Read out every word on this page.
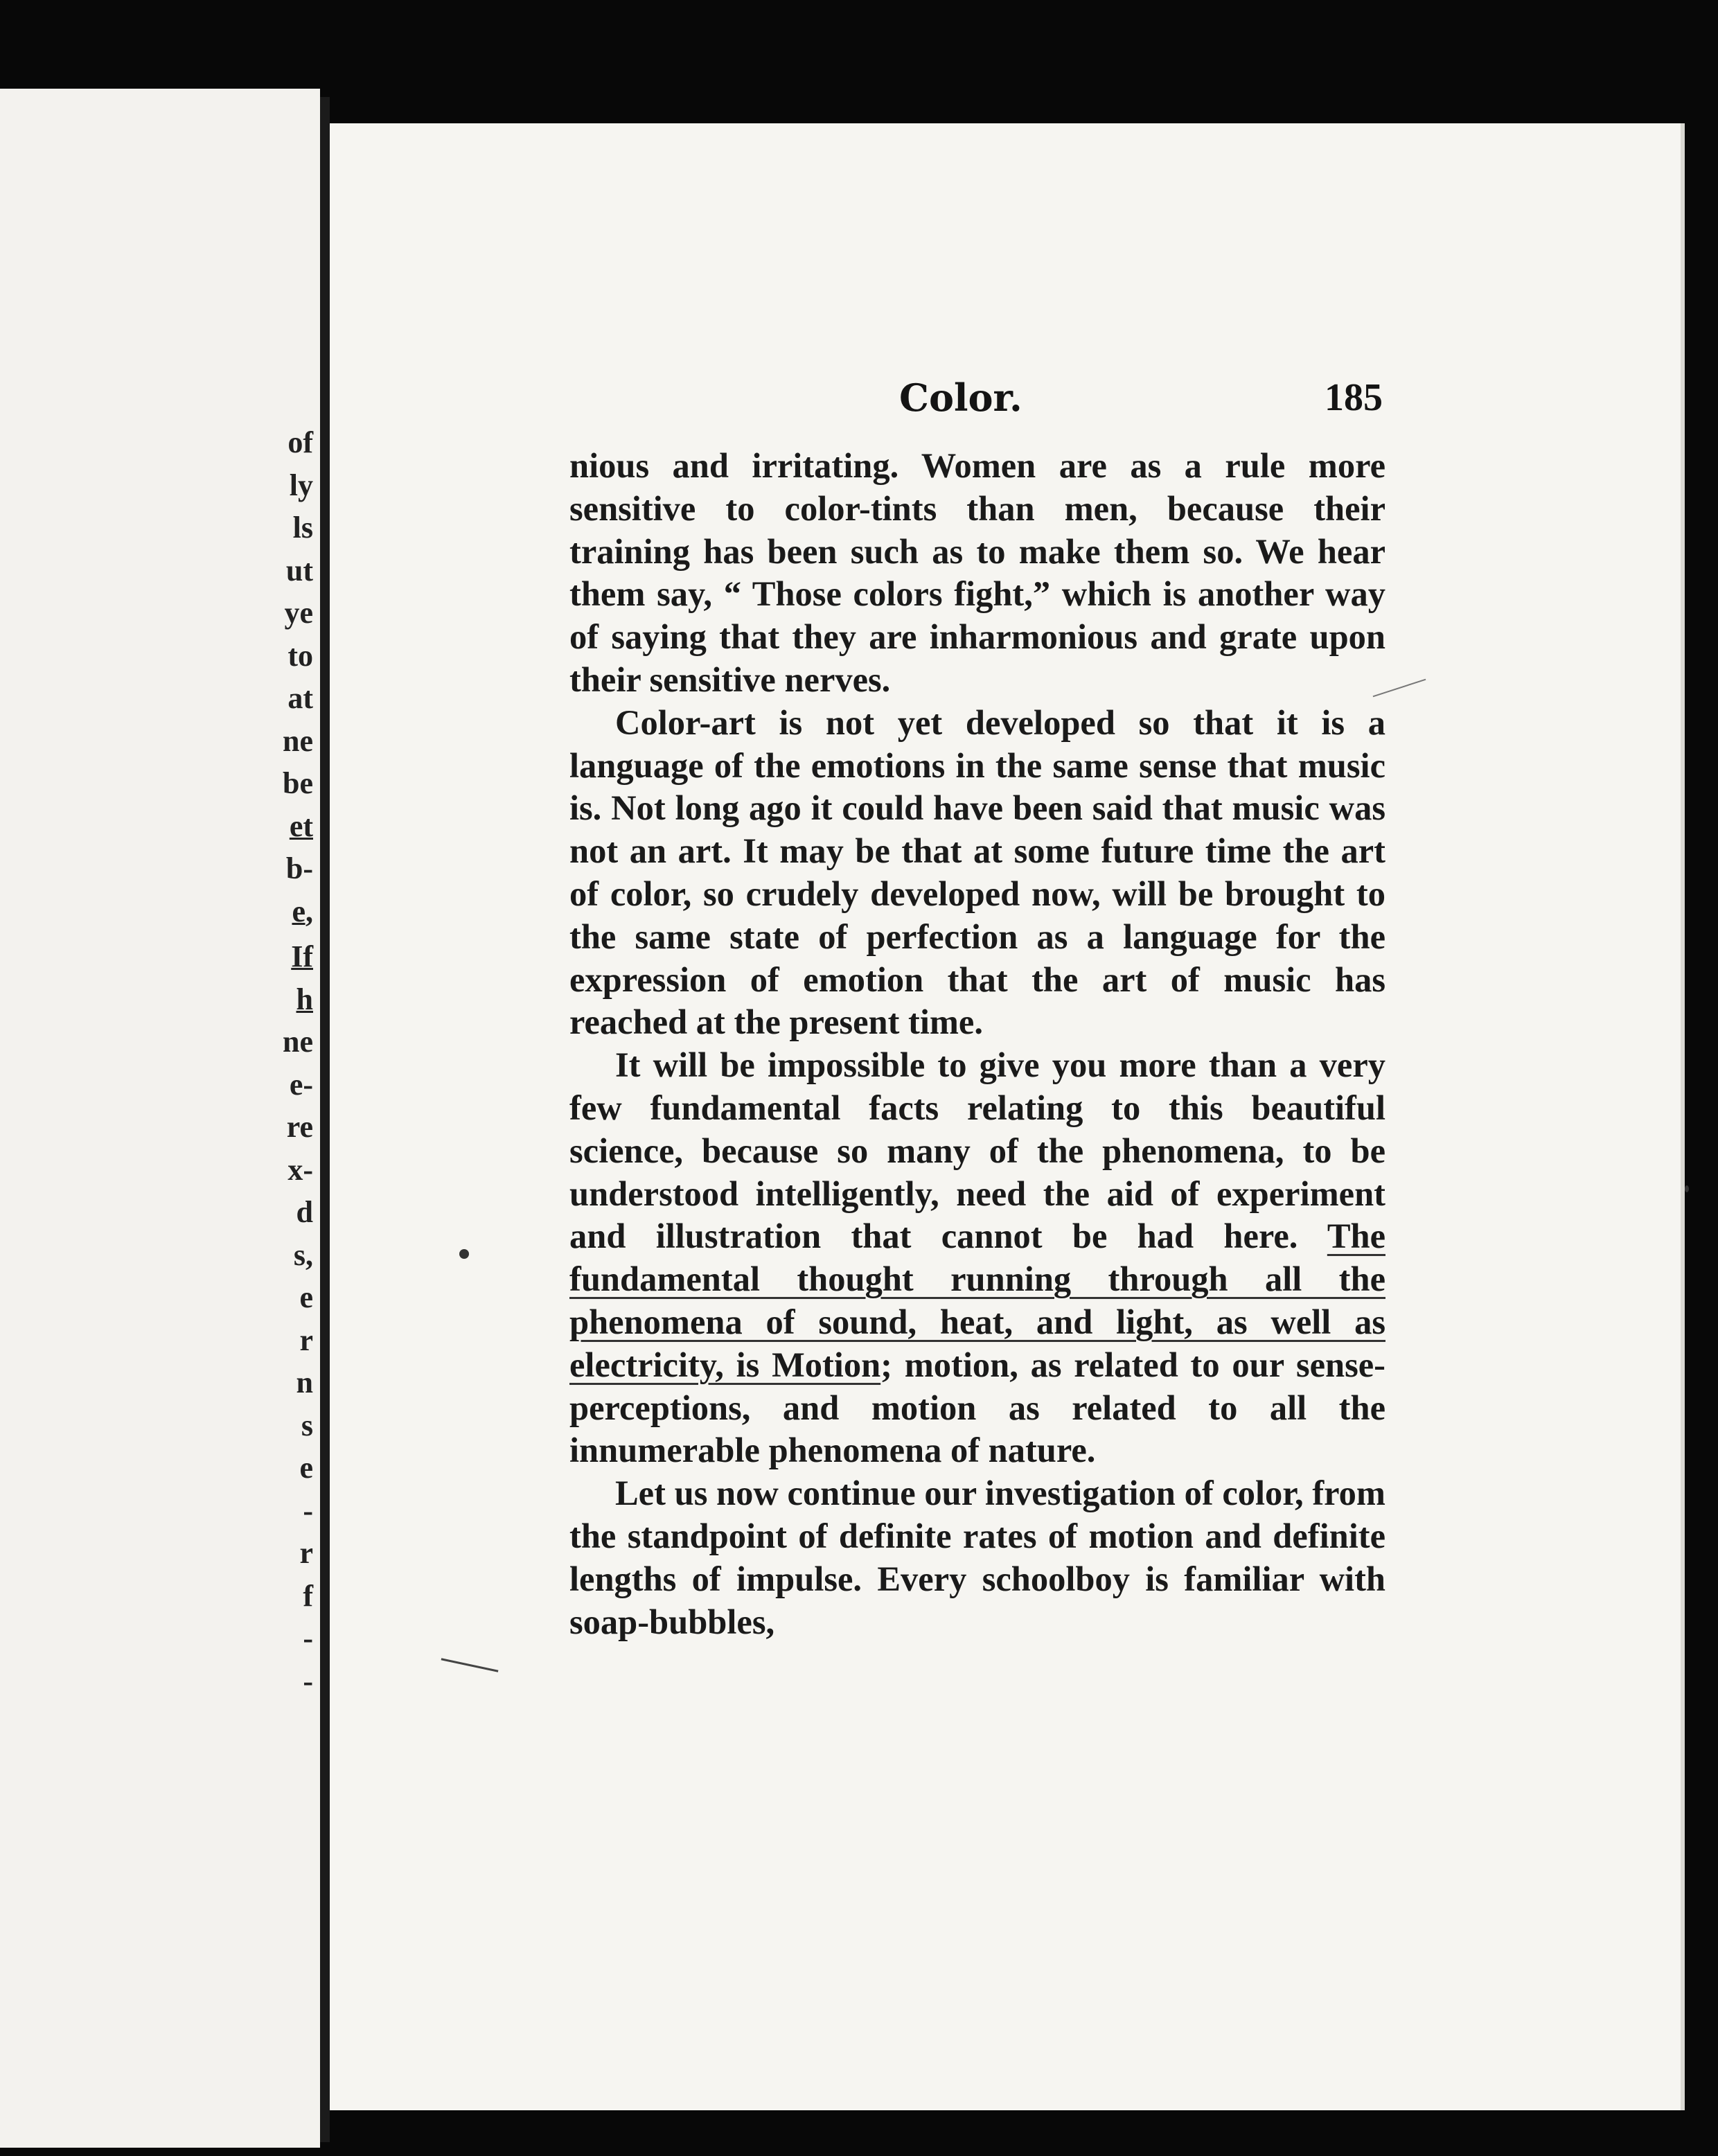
of
ly
ls
ut
ye
to
at
ne
be
et
b-
e,
If
h
ne
e-
re
x-
d
s,
e
r
n
s
e
-
r
f
-
-
Color.	185

nious and irritating. Women are as a rule more sensitive to color-tints than men, because their training has been such as to make them so. We hear them say, “ Those colors fight,” which is another way of saying that they are inharmonious and grate upon their sensitive nerves.

Color-art is not yet developed so that it is a language of the emotions in the same sense that music is. Not long ago it could have been said that music was not an art. It may be that at some future time the art of color, so crudely developed now, will be brought to the same state of perfection as a language for the expression of emotion that the art of music has reached at the present time.

It will be impossible to give you more than a very few fundamental facts relating to this beautiful science, because so many of the phenomena, to be understood intelligently, need the aid of experiment and illustration that cannot be had here. The fundamental thought running through all the phenomena of sound, heat, and light, as well as electricity, is Motion; motion, as related to our sense-perceptions, and motion as related to all the innumerable phenomena of nature.

Let us now continue our investigation of color, from the standpoint of definite rates of motion and definite lengths of impulse. Every schoolboy is familiar with soap-bubbles,
